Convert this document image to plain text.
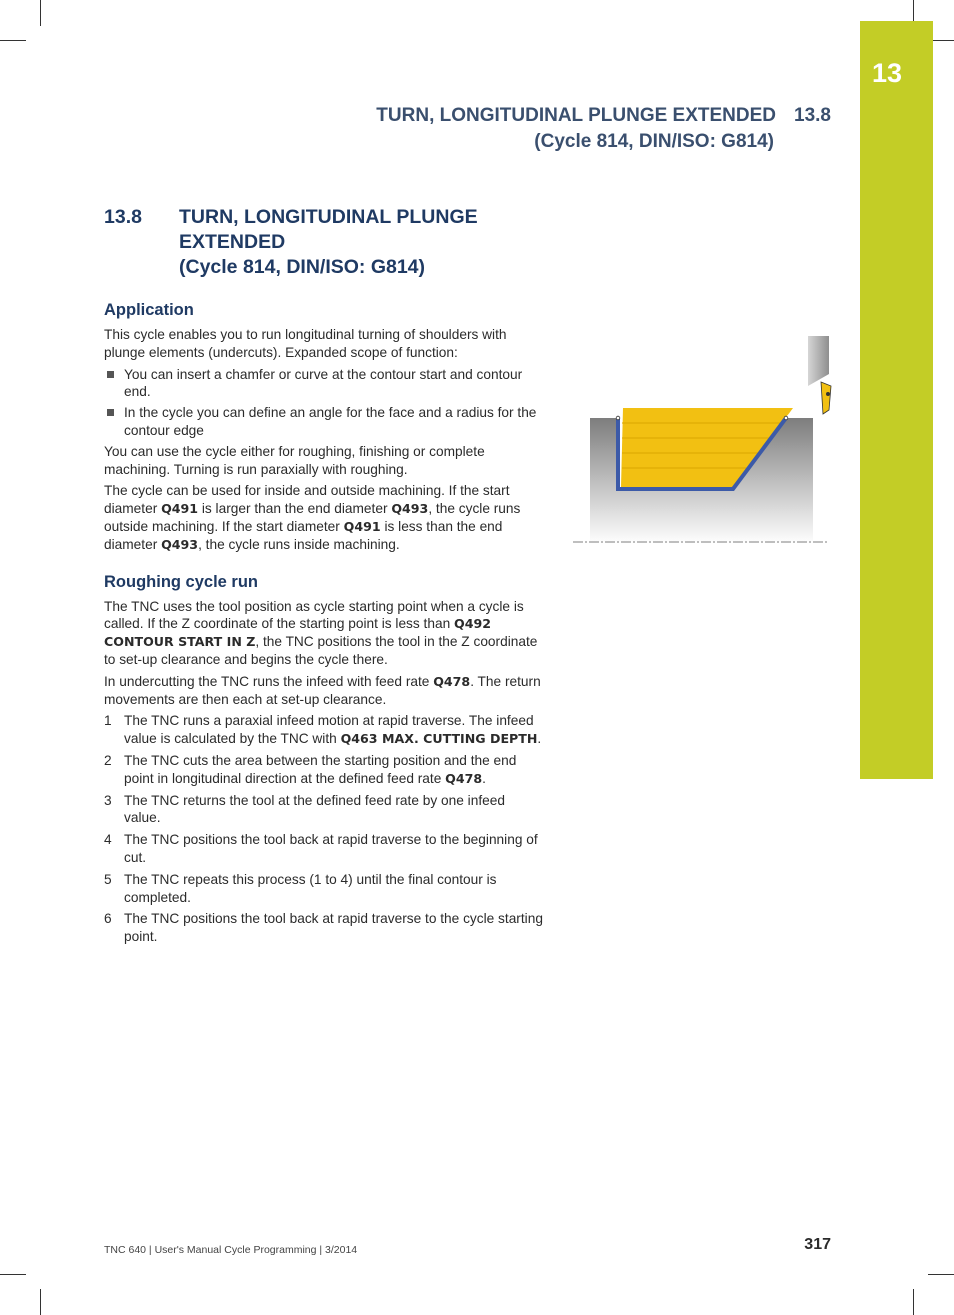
13
TURN, LONGITUDINAL PLUNGE EXTENDED 13.8
(Cycle 814, DIN/ISO: G814)
13.8 TURN, LONGITUDINAL PLUNGE
EXTENDED
(Cycle 814, DIN/ISO: G814)
Application

This cycle enables you to run longitudinal turning of shoulders with plunge elements (undercuts). Expanded scope of function:

You can insert a chamfer or curve at the contour start and contour end.
In the cycle you can define an angle for the face and a radius for the contour edge

You can use the cycle either for roughing, finishing or complete machining. Turning is run paraxially with roughing.

The cycle can be used for inside and outside machining. If the start diameter Q491 is larger than the end diameter Q493, the cycle runs outside machining. If the start diameter Q491 is less than the end diameter Q493, the cycle runs inside machining.

Roughing cycle run

The TNC uses the tool position as cycle starting point when a cycle is called. If the Z coordinate of the starting point is less than Q492 CONTOUR START IN Z, the TNC positions the tool in the Z coordinate to set-up clearance and begins the cycle there.

In undercutting the TNC runs the infeed with feed rate Q478. The return movements are then each at set-up clearance.

1 The TNC runs a paraxial infeed motion at rapid traverse. The infeed value is calculated by the TNC with Q463 MAX. CUTTING DEPTH.
2 The TNC cuts the area between the starting position and the end point in longitudinal direction at the defined feed rate Q478.
3 The TNC returns the tool at the defined feed rate by one infeed value.
4 The TNC positions the tool back at rapid traverse to the beginning of cut.
5 The TNC repeats this process (1 to 4) until the final contour is completed.
6 The TNC positions the tool back at rapid traverse to the cycle starting point.
TNC 640 | User's Manual Cycle Programming | 3/2014	317
